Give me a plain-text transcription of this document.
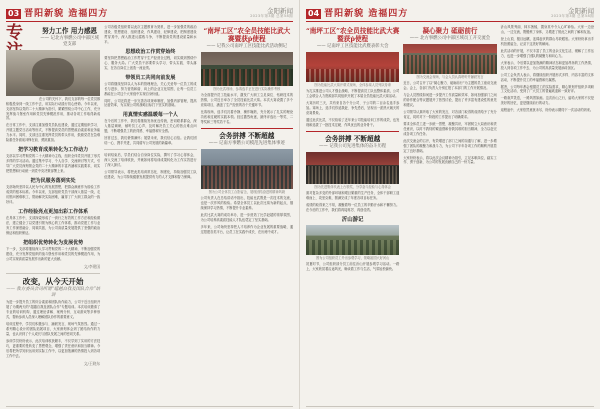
03 晋阳新貌 造福四方	金阳新闻
2023年第3期 总第58期
专	努力工作 用力感恩
—— 记北方事燃公司中部区域党支部
在公司的关怀下，我们支部的每一位党员都积极投身到一线工作中去，用实际行动践行初心使命。今年以来，支部坚持以党的二十大精神为指引，紧紧围绕公司中心工作，充分发挥战斗堡垒作用和党员先锋模范作用，推动各项工作取得新成效。
在日常工作中，支部注重加强党员队伍建设，通过定期组织学习、开展主题党日活动等形式，不断提高党员的思想政治素质和业务能力水平。同时，支部还注重发挥党员的带头作用，鼓励党员在急难险重任务面前冲锋在前、勇挑重担。
把学习教育成果转化为工作动力
支部以学习贯彻党的二十大精神为主线，组织全体党员开展了形式多样的学习活动。通过集中学习、个人自学、交流研讨等方式，引导广大党员深刻领会党的二十大精神的丰富内涵和实践要求，切实把思想和行动统一到党中央决策部署上来。
把为民服务落到实处
支部始终坚持以人民为中心的发展思想，把群众满意作为检验工作成效的根本标准。今年以来，支部组织党员干部深入基层一线，走访慰问困难职工，帮助解决实际困难，赢得了广大职工群众的一致好评。
工作经验亮点更加出彩工作体系
在具体工作中，支部探索形成了一套行之有效的工作方法和经验做法，建立健全了以党建引领为核心的工作体系，推动党建工作与业务工作深度融合、同频共振，为公司高质量发展提供了坚强的政治保证和组织保证。
把组织优势转化为发展优势
下一步，支部将继续深入学习贯彻党的二十大精神，不断加强党的建设，充分发挥党组织的战斗堡垒作用和党员的先锋模范作用，为公司实现高质量发展作出新的更大贡献。
文/李建国
改变，从今天开始
—— 我方委员会司所谓“超越自我及团队合作”培训
为进一步提升员工的综合素质和团队协作能力，公司于近日组织开展了为期两天的“超越自我及团队合作”专题培训。本次培训邀请了专业的培训机构，通过理论讲解、案例分析、互动游戏等多种形式，帮助参训人员深入理解团队协作的重要意义。
培训过程中，学员们积极参与、踊跃发言，现场气氛热烈。通过一系列精心设计的团队拓展项目，大家深刻体会到了团结协作的力量，也认识到了个人成长与团队发展之间的密切关系。
参训学员纷纷表示，此次培训收获颇丰，不仅学到了实用的方法技巧，更重要的是转变了思想观念，增强了责任意识和担当精神。今后将把所学知识运用到实际工作中，以更加饱满的热情投入到各项工作中去。
文/王晓东
公司各级党组织要以此次主题教育为契机，进一步加强党的政治建设、思想建设、组织建设、作风建设、纪律建设，把制度建设贯穿其中，深入推进反腐败斗争，不断提高党的建设质量和水平。
思想政治工作贯穿始终
要坚持把思想政治工作贯穿于生产经营全过程，切实做到围绕中心、服务大局。广大党员干部要带头学习、带头实践、带头落实，在各自岗位上创造一流业绩。
带领员工共同向前发展
公司将继续坚持以人为本的管理理念，关心关爱每一位员工的成长与进步，努力营造和谐、向上的企业文化氛围，让每一位员工都能在公司这个大家庭中实现自身价值。
同时，公司还将进一步完善各项规章制度，加强内部管理，提高运营效率，为实现公司的战略目标打下坚实的基础。
用真情实感温暖每一个人
在今后的工作中，我们将继续发扬优良传统，密切联系群众，深入基层调研，倾听员工心声，及时解决员工关心的热点难点问题，不断增强员工的获得感、幸福感和安全感。
回首过去，我们豪情满怀；展望未来，我们信心百倍。让我们团结一心、携手并进，共同谱写公司发展的新篇章。
培训结束后，学员们结合自身岗位实际，撰写了学习心得体会，深入交流了培训收获，并就如何将培训成果转化为工作实效进行了深入探讨。
公司领导表示，将把此类培训常态化、制度化，持续加强员工队伍建设，为公司持续健康发展提供有力的人才支撑和智力保障。
“南坪工区”农全员技能比武大赛暨获ṗ使程
—— 记我公司南坪工区技能比武活动侧记
图为比武现场，参赛选手正在进行实际操作考核
为全面提升员工技能水平，激发广大职工立足岗位、钻研技术的热情，公司近日举办了全员技能比武大赛。本次大赛设置了多个竞赛项目，涵盖了生产经营的各个关键环节。
比赛现场，选手们沉着冷静、操作娴熟，充分展示了扎实的理论功底和过硬的实践本领。经过激烈角逐，最终评选出一等奖、二等奖和三等奖若干名。
会务拼搏 不断超越
—— 记南方事燃公司模范先进集体事迹
图为公司全体员工合影留念，展现团结奋进的精神风貌
公司负责人在总结讲话中指出，技能比武既是一次技术的交流，也是一次作风的检验。希望全体员工以此次比赛为新的起点，继续保持学习热情，不断提升专业素养。
此次比武大赛的成功举办，进一步营造了比学赶超的浓厚氛围，为公司培养高素质技能人才队伍奠定了坚实基础。
多年来，公司始终坚持把人才培养作为企业发展的重要战略，通过搭建各类平台，让员工在实践中成长、在历练中成才。
04 晋阳新貌 造福四方	金阳新闻
2023年第3期 总第58期
“南坪工区”农全员技能比武大赛暨获ṗ使程
—— 记南坪工区技能比武暨表彰大会
图为技能比武大赛开幕式现场，全体参赛人员列队待命
为扎实推进公司人才强企战略，不断提高员工队伍整体素质，公司工会联合人力资源部共同组织开展了本届全员技能比武大赛活动。
大赛历时三天，共有来自各个分公司、子公司的二百余名选手参加。赛场上，选手们你追我赶、争先恐后，呈现出一派热火朝天的竞赛景象。
通过此次比武，不仅检验了近年来公司技能培训工作的成效，也发现和选拔了一批技术过硬、作风优良的业务骨干。
会务拼搏 不断超越
—— 记我公司先进集体的奋斗历程
图为先进集体代表上台领奖，分享奋斗经验与心得体会
面对复杂多变的外部环境和艰巨繁重的生产任务，全体干部职工迎难而上、攻坚克难，圆满完成了年度各项目标任务。
成绩的取得来之不易，凝聚着每一位员工的辛勤汗水和不懈努力。在今后的工作中，我们将再接再厉、再创佳绩。
沂山游记
图为公司组织员工外出参观学习，领略祖国大好河山
初夏时节，公司组织部分员工前往沂山开展参观学习活动。一路上，大家欣赏着沿途风光，畅谈着工作与生活，气氛轻松愉快。
凝心聚力 砥砺前行
—— 北方事燃公司中部区域员工开交流会
图为交流会现场，与会人员认真聆听并踊跃发言
近日，公司召开了以“凝心聚力、砥砺前行”为主题的员工座谈交流会。会上，各部门负责人分别汇报了本部门的工作开展情况。
与会人员围绕如何进一步提升工作质量和效率、如何加强部门之间的协作配合等议题展开了热烈讨论，提出了许多富有建设性的意见和建议。
公司领导认真听取了大家的发言，对各部门取得的成绩给予了充分肯定，同时对下一阶段的工作提出了明确要求。
要求全体员工进一步统一思想、凝聚共识，牢固树立大局意识和责任意识，以时不我待的紧迫感和舍我其谁的担当精神，全力以赴完成各项工作任务。
此次交流会的召开，有效增进了部门之间的沟通与了解，进一步增强了团队的凝聚力和战斗力，为公司下半年各项工作的顺利开展奠定了良好基础。
大家纷纷表示，将以此次会议精神为指引，立足本职岗位，踏实工作、勇于创新，为公司的发展贡献自己的一份力量。
沂山风景秀丽、林木葱郁，置身其中令人心旷神怡。大家一边登山，一边交流，既锻炼了身体，又增进了彼此之间的了解和友谊。
登上山顶，极目远眺，连绵起伏的群山尽收眼底。大家纷纷拿出手机拍照留念，记录下这美好的瞬间。
此次活动的开展，不仅丰富了员工的业余文化生活，缓解了工作压力，也进一步增强了团队的凝聚力和向心力。
大家表示，今后要以更加饱满的精神状态和更加昂扬的工作热情，投入到各项工作中去，为公司的高质量发展添砖加瓦。
公司工会负责人表示，将继续组织开展形式多样、内容丰富的文体活动，不断提升员工的幸福感和归属感。
据悉，公司每年都会根据员工的实际需求，精心策划并组织多项职工文化活动，受到了广大员工的普遍欢迎和一致好评。
一路欢声笑语，一路风景如画。这次沂山之行，留给大家的不仅是美好的回忆，更是继续前行的动力。
返程途中，大家依然意犹未尽，纷纷表示期待下一次活动的到来。
